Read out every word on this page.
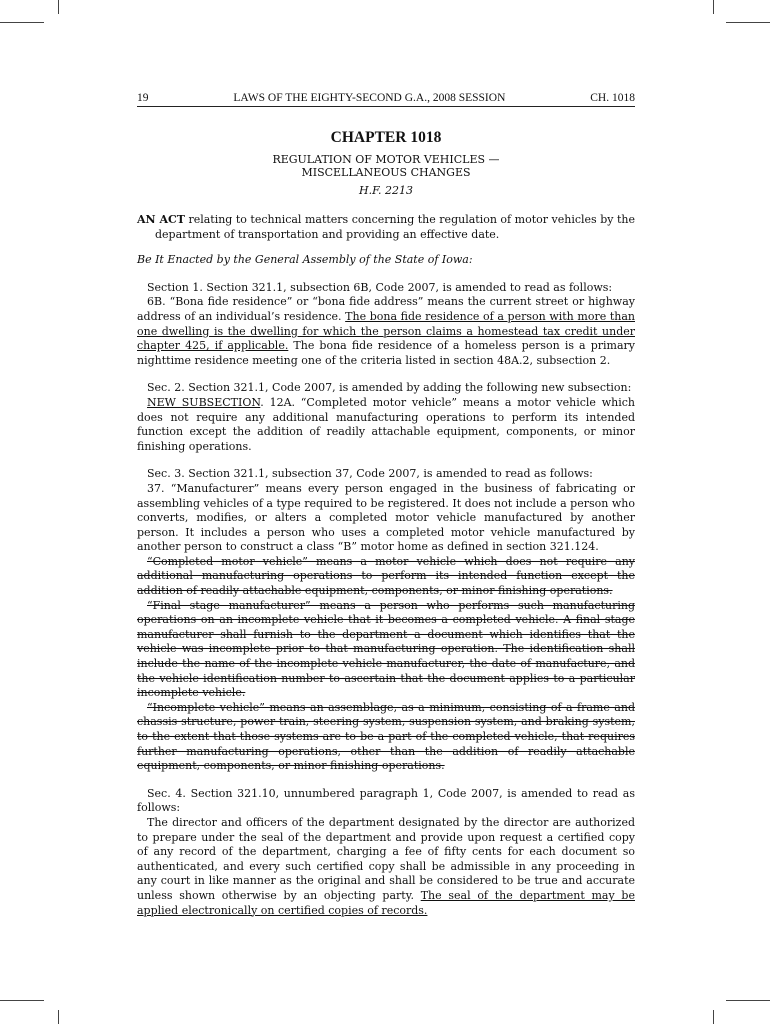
19	LAWS OF THE EIGHTY-SECOND G.A., 2008 SESSION	CH. 1018
CHAPTER 1018
REGULATION OF MOTOR VEHICLES —
MISCELLANEOUS CHANGES
H.F. 2213

AN ACT relating to technical matters concerning the regulation of motor vehicles by the department of transportation and providing an effective date.

Be It Enacted by the General Assembly of the State of Iowa:

Section 1. Section 321.1, subsection 6B, Code 2007, is amended to read as follows:

6B. “Bona fide residence” or “bona fide address” means the current street or highway address of an individual’s residence. The bona fide residence of a person with more than one dwelling is the dwelling for which the person claims a homestead tax credit under chapter 425, if applicable. The bona fide residence of a homeless person is a primary nighttime residence meeting one of the criteria listed in section 48A.2, subsection 2.

Sec. 2. Section 321.1, Code 2007, is amended by adding the following new subsection:

NEW SUBSECTION. 12A. “Completed motor vehicle” means a motor vehicle which does not require any additional manufacturing operations to perform its intended function except the addition of readily attachable equipment, components, or minor finishing operations.

Sec. 3. Section 321.1, subsection 37, Code 2007, is amended to read as follows:

37. “Manufacturer” means every person engaged in the business of fabricating or assembling vehicles of a type required to be registered. It does not include a person who converts, modifies, or alters a completed motor vehicle manufactured by another person. It includes a person who uses a completed motor vehicle manufactured by another person to construct a class “B” motor home as defined in section 321.124.

“Completed motor vehicle” means a motor vehicle which does not require any additional manufacturing operations to perform its intended function except the addition of readily attachable equipment, components, or minor finishing operations.

“Final stage manufacturer” means a person who performs such manufacturing operations on an incomplete vehicle that it becomes a completed vehicle. A final stage manufacturer shall furnish to the department a document which identifies that the vehicle was incomplete prior to that manufacturing operation. The identification shall include the name of the incomplete vehicle manufacturer, the date of manufacture, and the vehicle identification number to ascertain that the document applies to a particular incomplete vehicle.

“Incomplete vehicle” means an assemblage, as a minimum, consisting of a frame and chassis structure, power train, steering system, suspension system, and braking system, to the extent that those systems are to be a part of the completed vehicle, that requires further manufacturing operations, other than the addition of readily attachable equipment, components, or minor finishing operations.

Sec. 4. Section 321.10, unnumbered paragraph 1, Code 2007, is amended to read as follows:

The director and officers of the department designated by the director are authorized to prepare under the seal of the department and provide upon request a certified copy of any record of the department, charging a fee of fifty cents for each document so authenticated, and every such certified copy shall be admissible in any proceeding in any court in like manner as the original and shall be considered to be true and accurate unless shown otherwise by an objecting party. The seal of the department may be applied electronically on certified copies of records.
